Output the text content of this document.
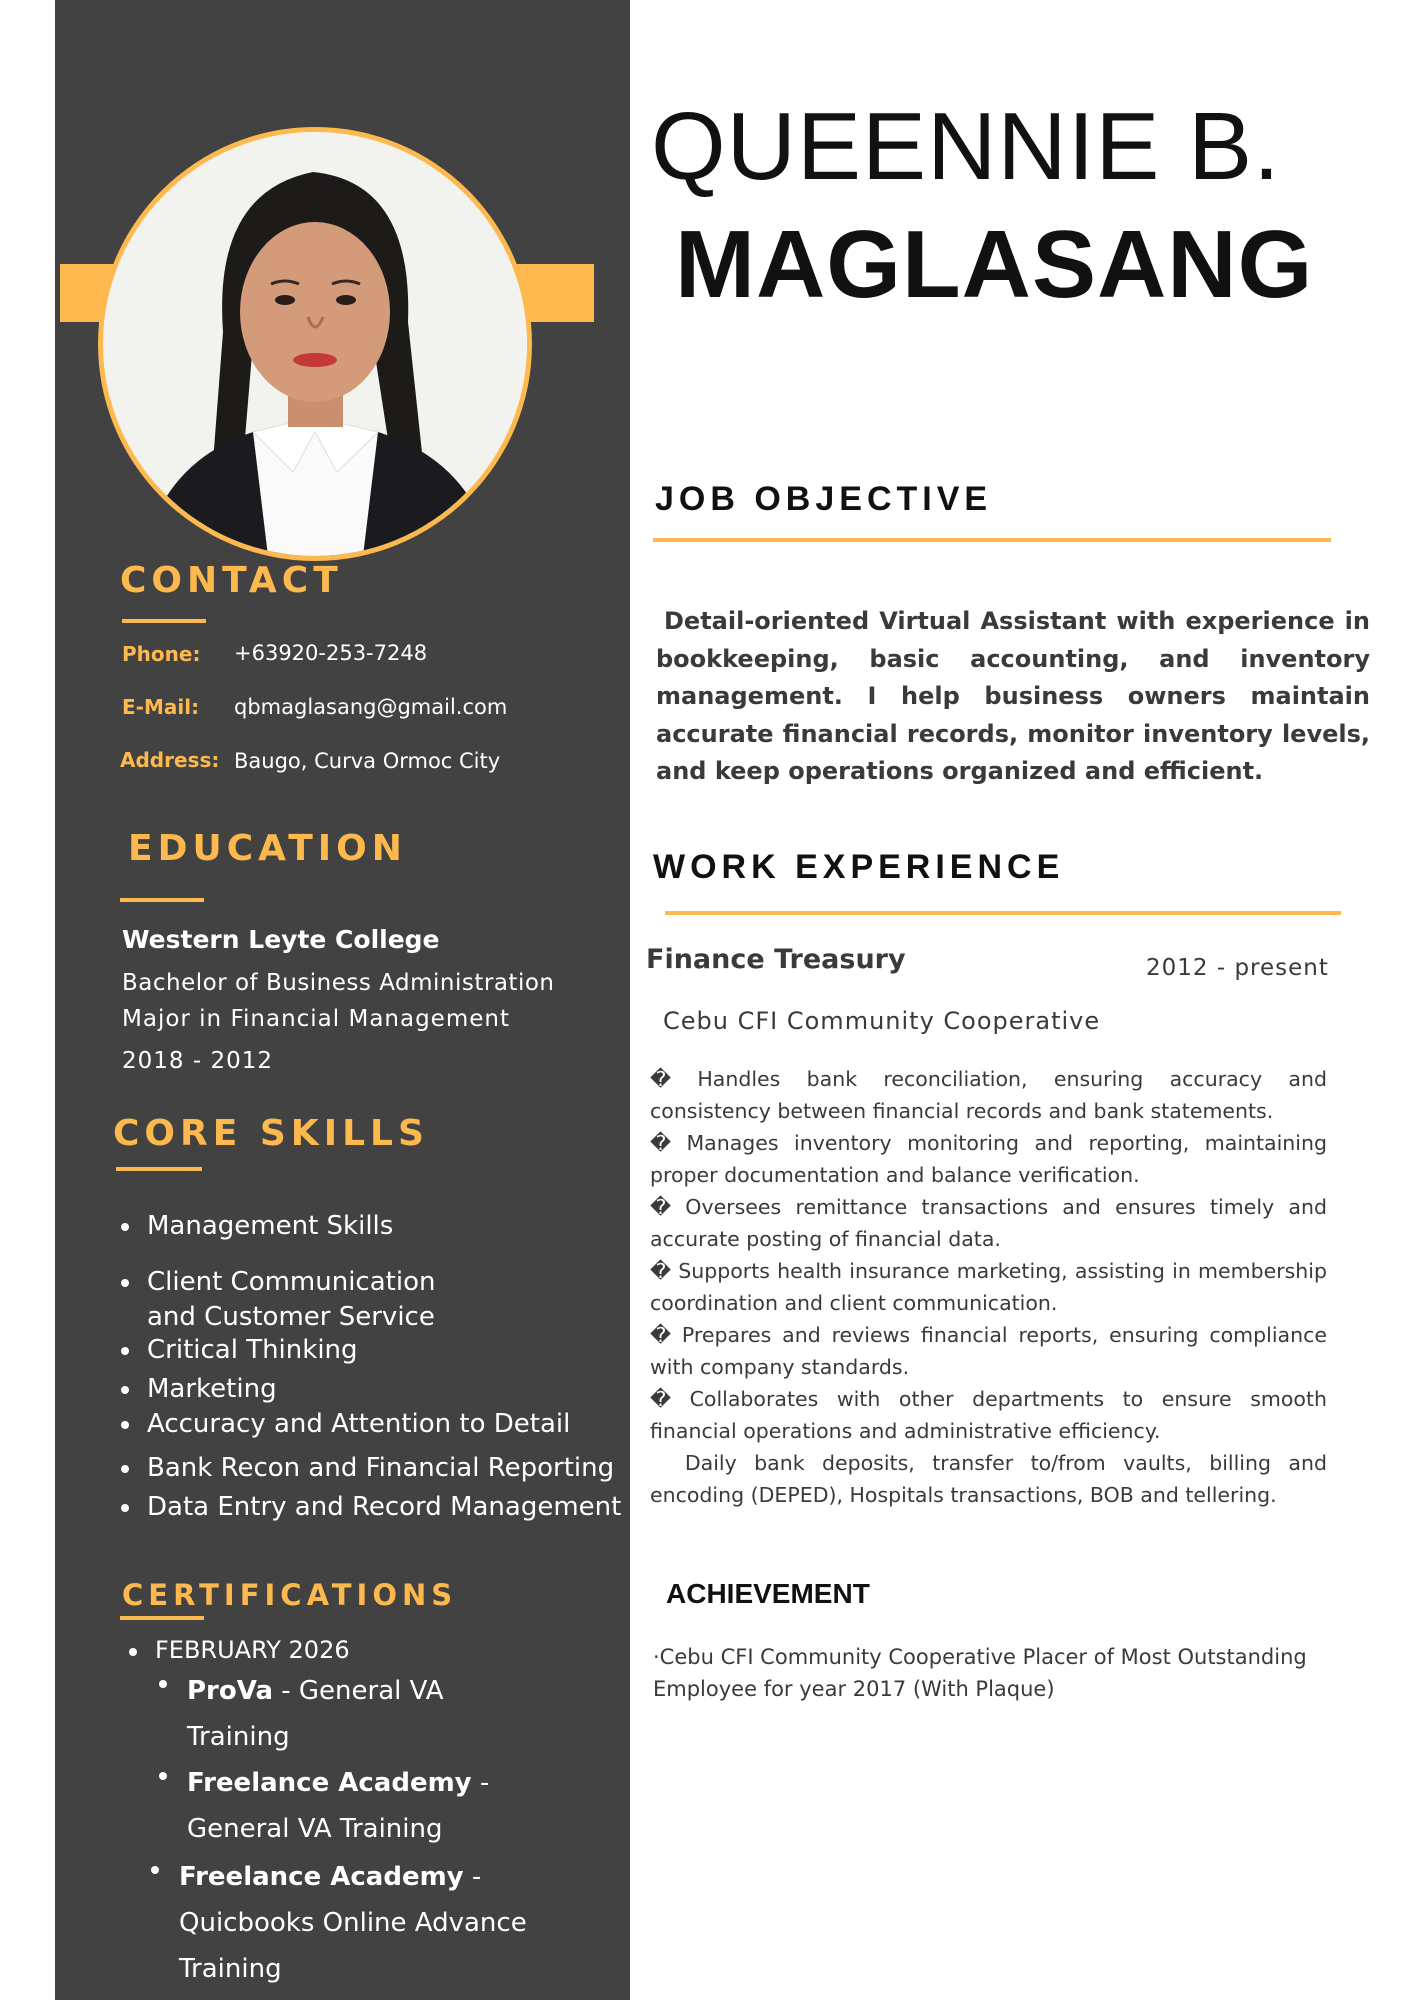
CONTACT
Phone: +63920-253-7248
E-Mail: qbmaglasang@gmail.com
Address: Baugo, Curva Ormoc City
EDUCATION

Western Leyte College

Bachelor of Business Administration

Major in Financial Management

2018 - 2012

CORE SKILLS
Management Skills
Client Communication
and Customer Service
Critical Thinking
Marketing
Accuracy and Attention to Detail
Bank Recon and Financial Reporting
Data Entry and Record Management
CERTIFICATIONS

FEBRUARY 2026

ProVa - General VA

Training

Freelance Academy -

General VA Training

Freelance Academy -

Quicbooks Online Advance

Training

QUEENNIE B.
MAGLASANG
JOB OBJECTIVE

Detail-oriented Virtual Assistant with experience in bookkeeping, basic accounting, and inventory management. I help business owners maintain accurate financial records, monitor inventory levels, and keep operations organized and efficient.

WORK EXPERIENCE
Finance Treasury	2012 - present
Cebu CFI Community Cooperative

� Handles bank reconciliation, ensuring accuracy and consistency between financial records and bank statements.

� Manages inventory monitoring and reporting, maintaining proper documentation and balance verification.

� Oversees remittance transactions and ensures timely and accurate posting of financial data.

� Supports health insurance marketing, assisting in membership coordination and client communication.

� Prepares and reviews financial reports, ensuring compliance with company standards.

� Collaborates with other departments to ensure smooth financial operations and administrative efficiency.

Daily bank deposits, transfer to/from vaults, billing and encoding (DEPED), Hospitals transactions, BOB and tellering.

ACHIEVEMENT

·Cebu CFI Community Cooperative Placer of Most Outstanding Employee for year 2017 (With Plaque)
